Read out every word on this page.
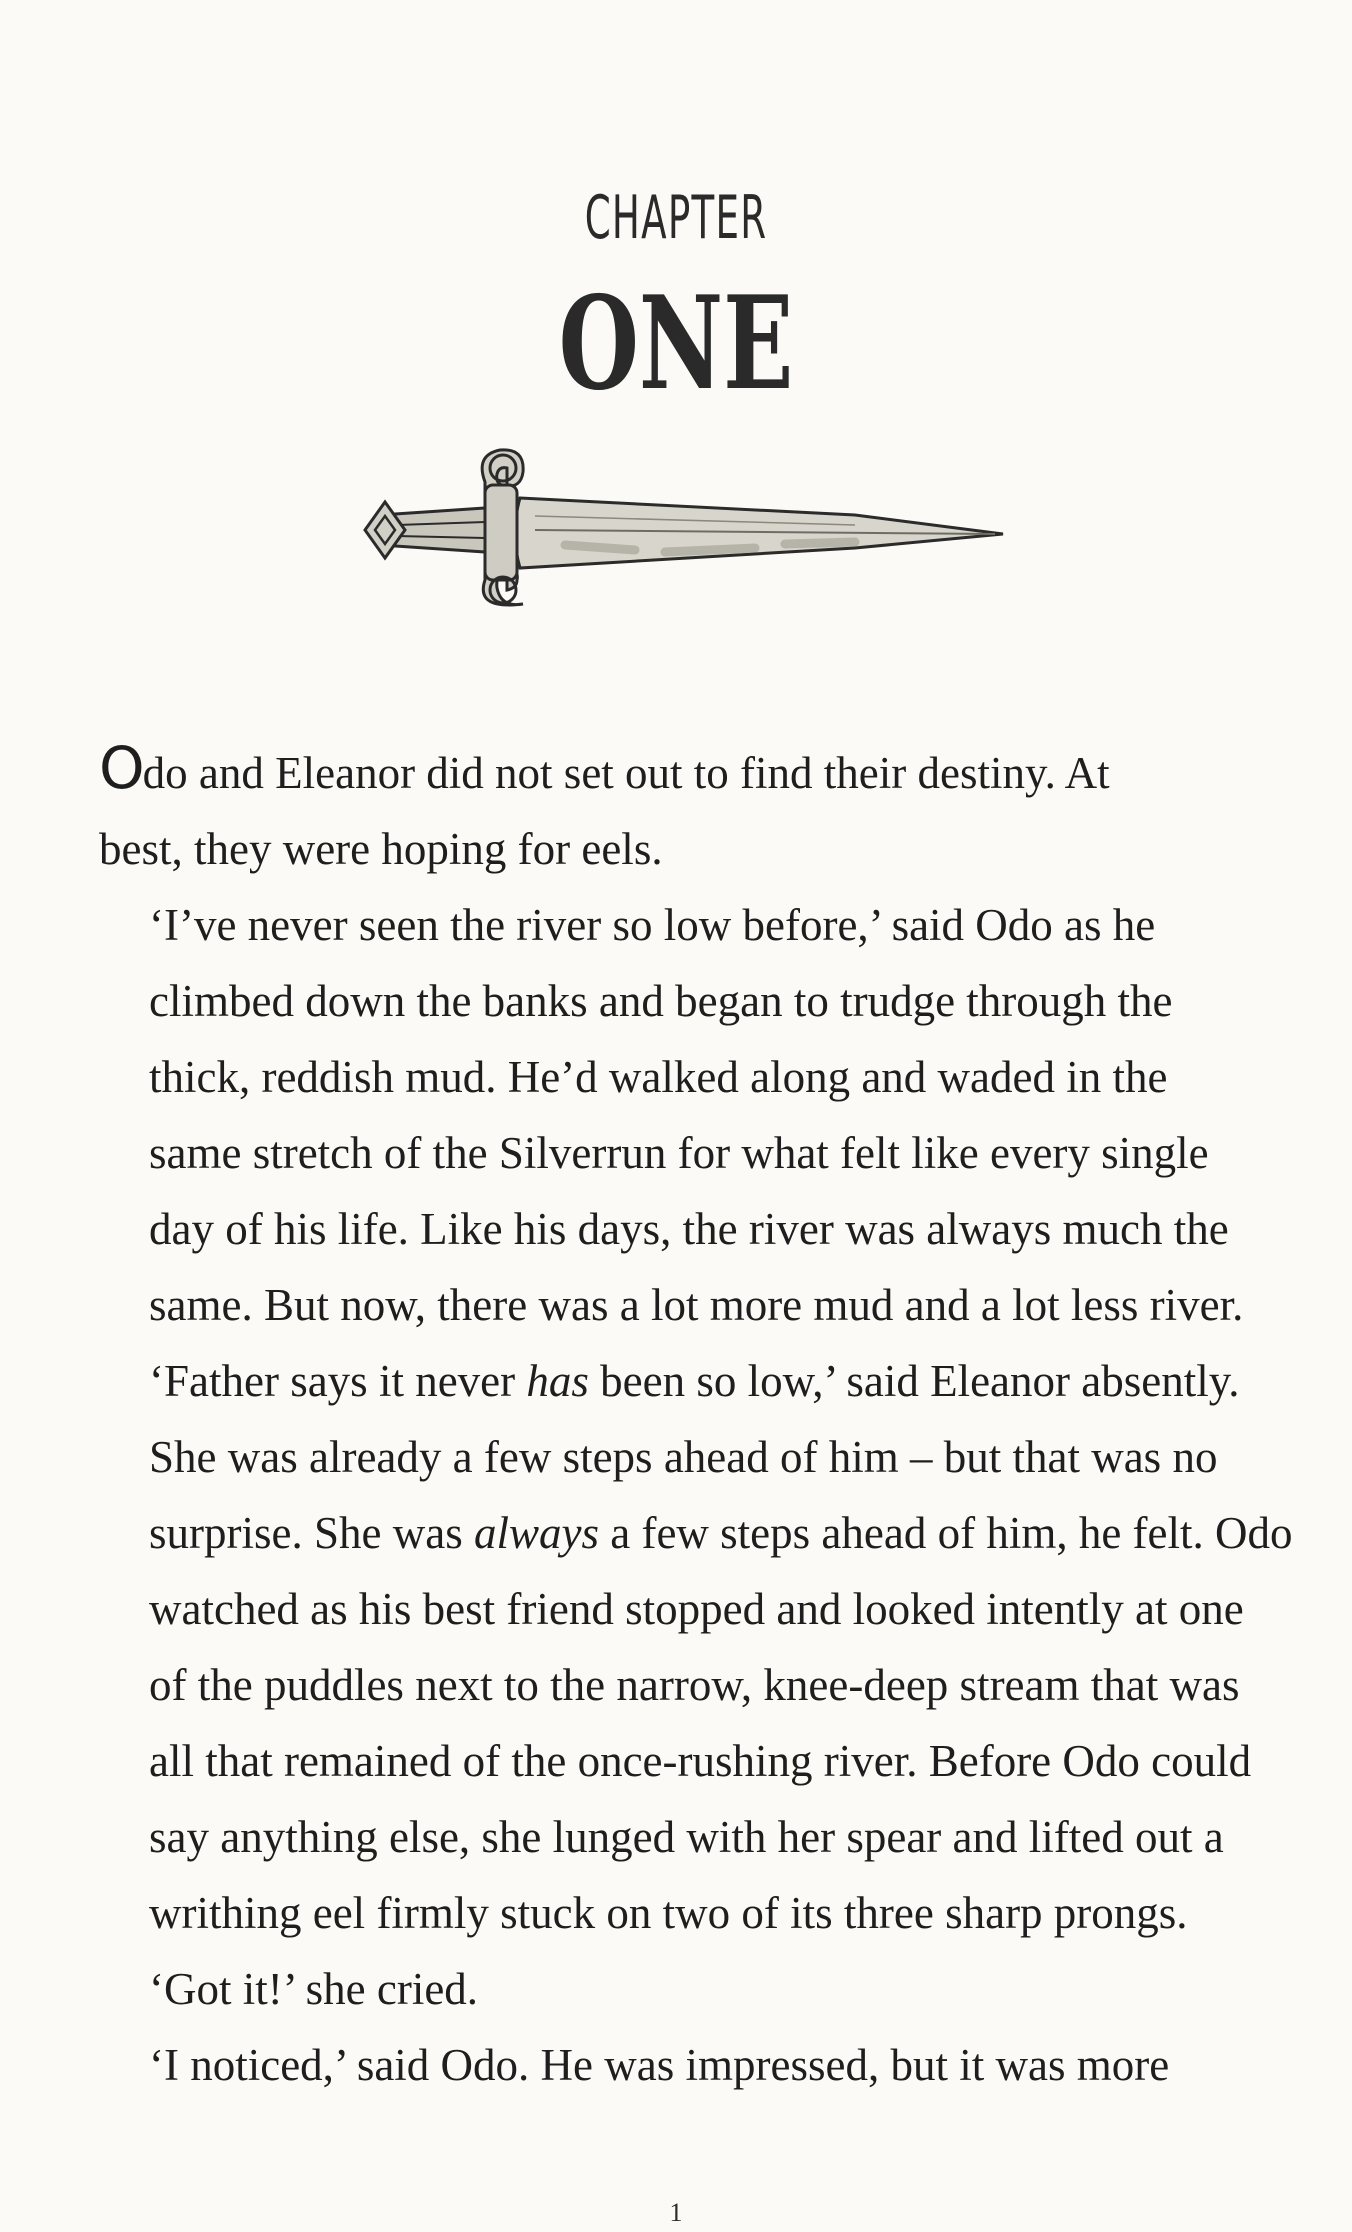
CHAPTER
ONE

Odo and Eleanor did not set out to find their destiny. At
best, they were hoping for eels.

‘I’ve never seen the river so low before,’ said Odo as he
climbed down the banks and began to trudge through the
thick, reddish mud. He’d walked along and waded in the
same stretch of the Silverrun for what felt like every single
day of his life. Like his days, the river was always much the
same. But now, there was a lot more mud and a lot less river.

‘Father says it never has been so low,’ said Eleanor absently.
She was already a few steps ahead of him – but that was no
surprise. She was always a few steps ahead of him, he felt. Odo
watched as his best friend stopped and looked intently at one
of the puddles next to the narrow, knee-deep stream that was
all that remained of the once-rushing river. Before Odo could
say anything else, she lunged with her spear and lifted out a
writhing eel firmly stuck on two of its three sharp prongs.

‘Got it!’ she cried.

‘I noticed,’ said Odo. He was impressed, but it was more

1
